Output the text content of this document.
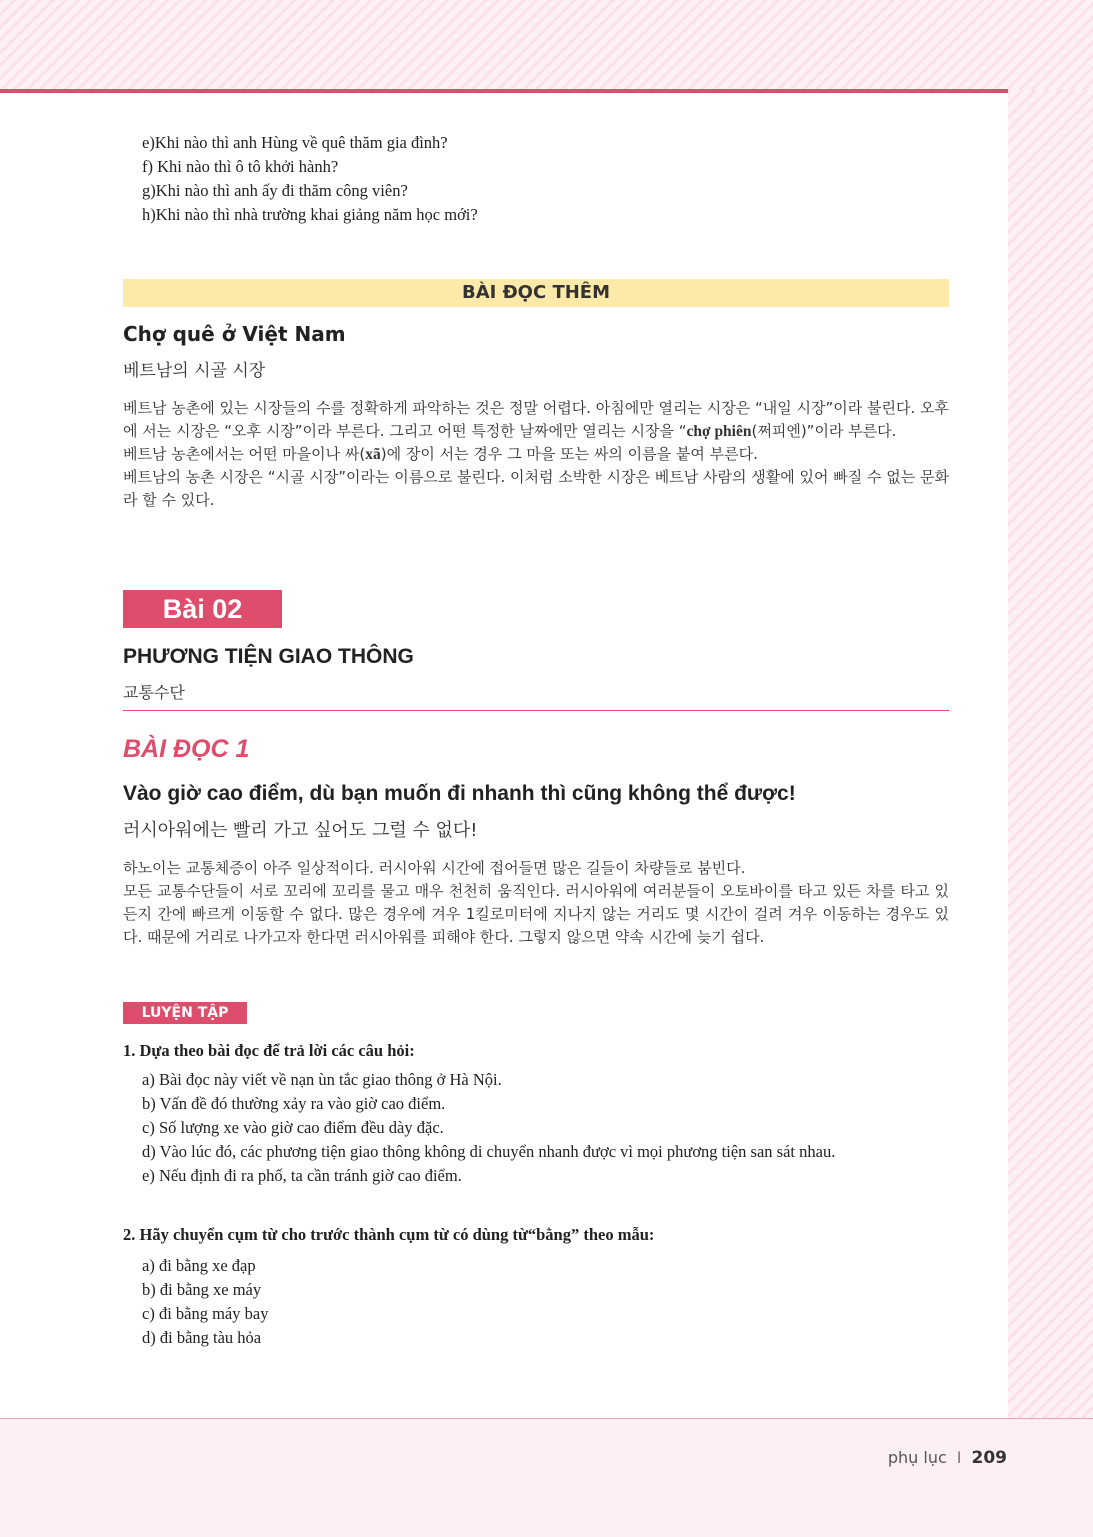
e)Khi nào thì anh Hùng về quê thăm gia đình?
f) Khi nào thì ô tô khởi hành?
g)Khi nào thì anh ấy đi thăm công viên?
h)Khi nào thì nhà trường khai giảng năm học mới?
BÀI ĐỌC THÊM
Chợ quê ở Việt Nam
베트남의 시골 시장

베트남 농촌에 있는 시장들의 수를 정확하게 파악하는 것은 정말 어렵다. 아침에만 열리는 시장은 “내일 시장”이라 불린다. 오후에 서는 시장은 “오후 시장”이라 부른다. 그리고 어떤 특정한 날짜에만 열리는 시장을 “chợ phiên(쩌피엔)”이라 부른다.

베트남 농촌에서는 어떤 마을이나 싸(xã)에 장이 서는 경우 그 마을 또는 싸의 이름을 붙여 부른다.

베트남의 농촌 시장은 “시골 시장”이라는 이름으로 불린다. 이처럼 소박한 시장은 베트남 사람의 생활에 있어 빠질 수 없는 문화라 할 수 있다.

Bài 02
PHƯƠNG TIỆN GIAO THÔNG
교통수단
BÀI ĐỌC 1
Vào giờ cao điểm, dù bạn muốn đi nhanh thì cũng không thể được!
러시아워에는 빨리 가고 싶어도 그럴 수 없다!

하노이는 교통체증이 아주 일상적이다. 러시아워 시간에 접어들면 많은 길들이 차량들로 붐빈다.

모든 교통수단들이 서로 꼬리에 꼬리를 물고 매우 천천히 움직인다. 러시아워에 여러분들이 오토바이를 타고 있든 차를 타고 있든지 간에 빠르게 이동할 수 없다. 많은 경우에 겨우 1킬로미터에 지나지 않는 거리도 몇 시간이 걸려 겨우 이동하는 경우도 있다. 때문에 거리로 나가고자 한다면 러시아워를 피해야 한다. 그렇지 않으면 약속 시간에 늦기 쉽다.

LUYỆN TẬP
1. Dựa theo bài đọc để trả lời các câu hỏi:
a) Bài đọc này viết về nạn ùn tắc giao thông ở Hà Nội.
b) Vấn đề đó thường xảy ra vào giờ cao điểm.
c) Số lượng xe vào giờ cao điểm đều dày đặc.
d) Vào lúc đó, các phương tiện giao thông không di chuyển nhanh được vì mọi phương tiện san sát nhau.
e) Nếu định đi ra phố, ta cần tránh giờ cao điểm.
2. Hãy chuyển cụm từ cho trước thành cụm từ có dùng từ“bằng” theo mẫu:
a) đi bằng xe đạp
b) đi bằng xe máy
c) đi bằng máy bay
d) đi bằng tàu hỏa
phụ lục I 209
